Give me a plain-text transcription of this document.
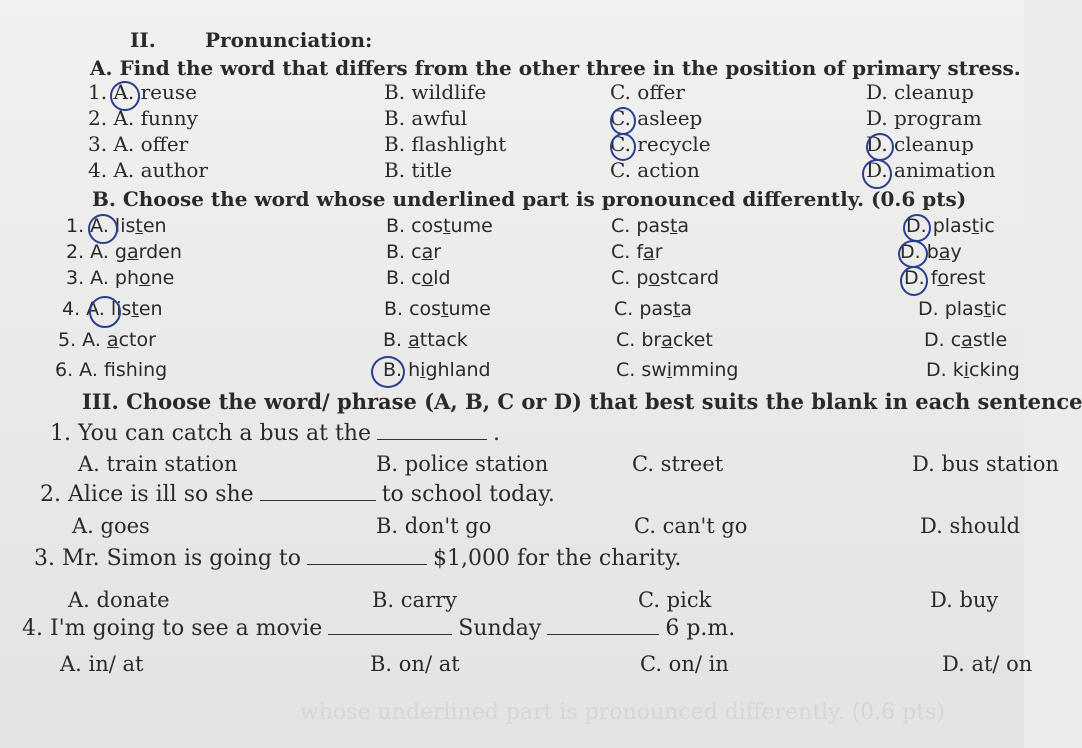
whose underlined part is pronounced differently. (0.6 pts)
II. Pronunciation:
A. Find the word that differs from the other three in the position of primary stress.
1. A. reuse	B. wildlife	C. offer	D. cleanup
2. A. funny	B. awful	C. asleep	D. program
3. A. offer	B. flashlight	C. recycle	D. cleanup
4. A. author	B. title	C. action	D. animation
B. Choose the word whose underlined part is pronounced differently. (0.6 pts)
1. A. listen	B. costume	C. pasta	D. plastic
2. A. garden	B. car	C. far	D. bay
3. A. phone	B. cold	C. postcard	D. forest
4. A. listen	B. costume	C. pasta	D. plastic
5. A. actor	B. attack	C. bracket	D. castle
6. A. fshing	B. highland	C. swimming	D. kicking
III. Choose the word/ phrase (A, B, C or D) that best suits the blank in each sentence
1. You can catch a bus at the	.
A. train station	B. police station	C. street	D. bus station
2. Alice is ill so she	to school today.
A. goes	B. don't go	C. can't go	D. should
3. Mr. Simon is going to	$1,000 for the charity.
A. donate	B. carry	C. pick	D. buy
4. I'm going to see a movie	Sunday	6 p.m.
A. in/ at	B. on/ at	C. on/ in	D. at/ on
